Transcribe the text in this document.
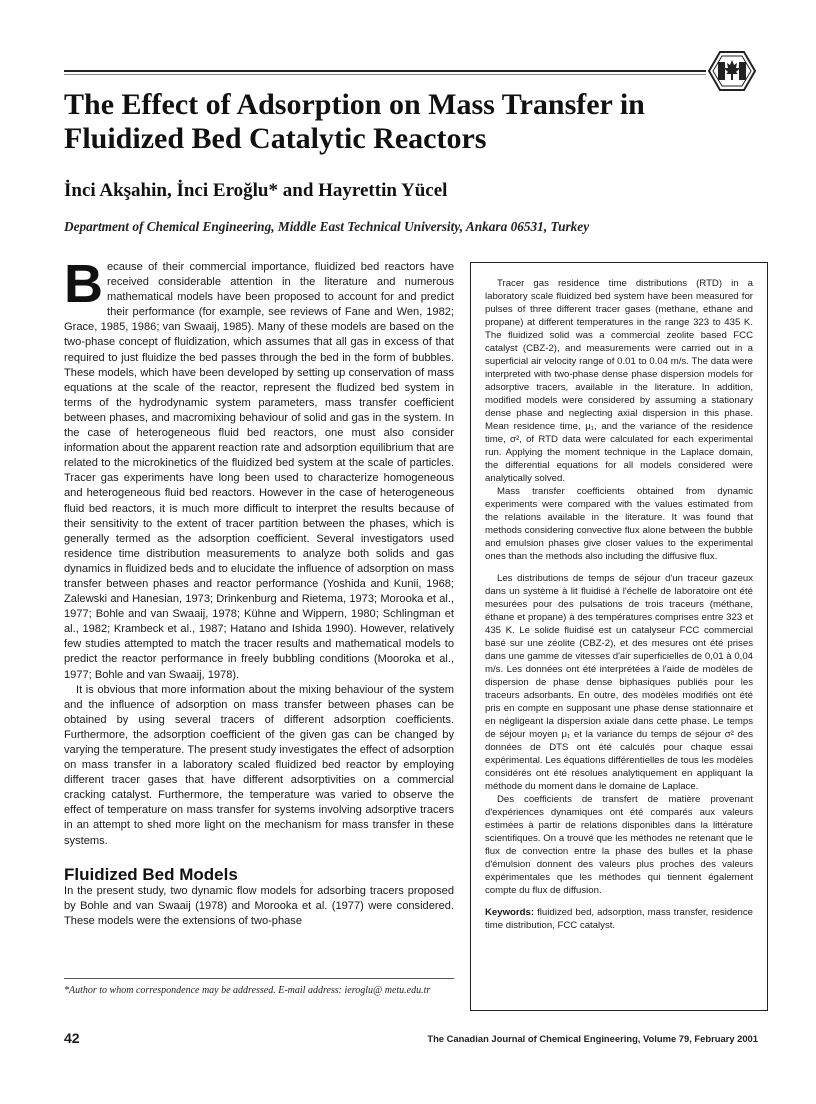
The Effect of Adsorption on Mass Transfer in Fluidized Bed Catalytic Reactors

İnci Akşahin, İnci Eroğlu* and Hayrettin Yücel

Department of Chemical Engineering, Middle East Technical University, Ankara 06531, Turkey

Because of their commercial importance, fluidized bed reactors have received considerable attention in the literature and numerous mathematical models have been proposed to account for and predict their performance (for example, see reviews of Fane and Wen, 1982; Grace, 1985, 1986; van Swaaij, 1985). Many of these models are based on the two-phase concept of fluidization, which assumes that all gas in excess of that required to just fluidize the bed passes through the bed in the form of bubbles. These models, which have been developed by setting up conservation of mass equations at the scale of the reactor, represent the fludized bed system in terms of the hydrodynamic system parameters, mass transfer coefficient between phases, and macromixing behaviour of solid and gas in the system. In the case of heterogeneous fluid bed reactors, one must also consider information about the apparent reaction rate and adsorption equilibrium that are related to the microkinetics of the fluidized bed system at the scale of particles. Tracer gas experiments have long been used to characterize homogeneous and heterogeneous fluid bed reactors. However in the case of heterogeneous fluid bed reactors, it is much more difficult to interpret the results because of their sensitivity to the extent of tracer partition between the phases, which is generally termed as the adsorption coefficient. Several investigators used residence time distribution measurements to analyze both solids and gas dynamics in fluidized beds and to elucidate the influence of adsorption on mass transfer between phases and reactor performance (Yoshida and Kunii, 1968; Zalewski and Hanesian, 1973; Drinkenburg and Rietema, 1973; Morooka et al., 1977; Bohle and van Swaaij, 1978; Kühne and Wippern, 1980; Schlingman et al., 1982; Krambeck et al., 1987; Hatano and Ishida 1990). However, relatively few studies attempted to match the tracer results and mathematical models to predict the reactor performance in freely bubbling conditions (Mooroka et al., 1977; Bohle and van Swaaij, 1978).

It is obvious that more information about the mixing behaviour of the system and the influence of adsorption on mass transfer between phases can be obtained by using several tracers of different adsorption coefficients. Furthermore, the adsorption coefficient of the given gas can be changed by varying the temperature. The present study investigates the effect of adsorption on mass transfer in a laboratory scaled fluidized bed reactor by employing different tracer gases that have different adsorptivities on a commercial cracking catalyst. Furthermore, the temperature was varied to observe the effect of temperature on mass transfer for systems involving adsorptive tracers in an attempt to shed more light on the mechanism for mass transfer in these systems.

Fluidized Bed Models

In the present study, two dynamic flow models for adsorbing tracers proposed by Bohle and van Swaaij (1978) and Morooka et al. (1977) were considered. These models were the extensions of two-phase

*Author to whom correspondence may be addressed. E-mail address: ieroglu@ metu.edu.tr

Tracer gas residence time distributions (RTD) in a laboratory scale fluidized bed system have been measured for pulses of three different tracer gases (methane, ethane and propane) at different temperatures in the range 323 to 435 K. The fluidized solid was a commercial zeolite based FCC catalyst (CBZ-2), and measurements were carried out in a superficial air velocity range of 0.01 to 0.04 m/s. The data were interpreted with two-phase dense phase dispersion models for adsorptive tracers, available in the literature. In addition, modified models were considered by assuming a stationary dense phase and neglecting axial dispersion in this phase. Mean residence time, μ₁, and the variance of the residence time, σ², of RTD data were calculated for each experimental run. Applying the moment technique in the Laplace domain, the differential equations for all models considered were analytically solved.

Mass transfer coefficients obtained from dynamic experiments were compared with the values estimated from the relations available in the literature. It was found that methods considering convective flux alone between the bubble and emulsion phases give closer values to the experimental ones than the methods also including the diffusive flux.

Les distributions de temps de séjour d'un traceur gazeux dans un système à lit fluidisé à l'échelle de laboratoire ont été mesurées pour des pulsations de trois traceurs (méthane, éthane et propane) à des températures comprises entre 323 et 435 K. Le solide fluidisé est un catalyseur FCC commercial basé sur une zéolite (CBZ-2), et des mesures ont été prises dans une gamme de vitesses d'air superficielles de 0,01 à 0,04 m/s. Les données ont été interprétées à l'aide de modèles de dispersion de phase dense biphasiques publiés pour les traceurs adsorbants. En outre, des modèles modifiés ont été pris en compte en supposant une phase dense stationnaire et en négligeant la dispersion axiale dans cette phase. Le temps de séjour moyen μ₁ et la variance du temps de séjour σ² des données de DTS ont été calculés pour chaque essai expérimental. Les équations différentielles de tous les modèles considérés ont été résolues analytiquement en appliquant la méthode du moment dans le domaine de Laplace.

Des coefficients de transfert de matière provenant d'expériences dynamiques ont été comparés aux valeurs estimées à partir de relations disponibles dans la littérature scientifiques. On a trouvé que les méthodes ne retenant que le flux de convection entre la phase des bulles et la phase d'émulsion donnent des valeurs plus proches des valeurs expérimentales que les méthodes qui tiennent également compte du flux de diffusion.

Keywords: fluidized bed, adsorption, mass transfer, residence time distribution, FCC catalyst.

42	The Canadian Journal of Chemical Engineering, Volume 79, February 2001
